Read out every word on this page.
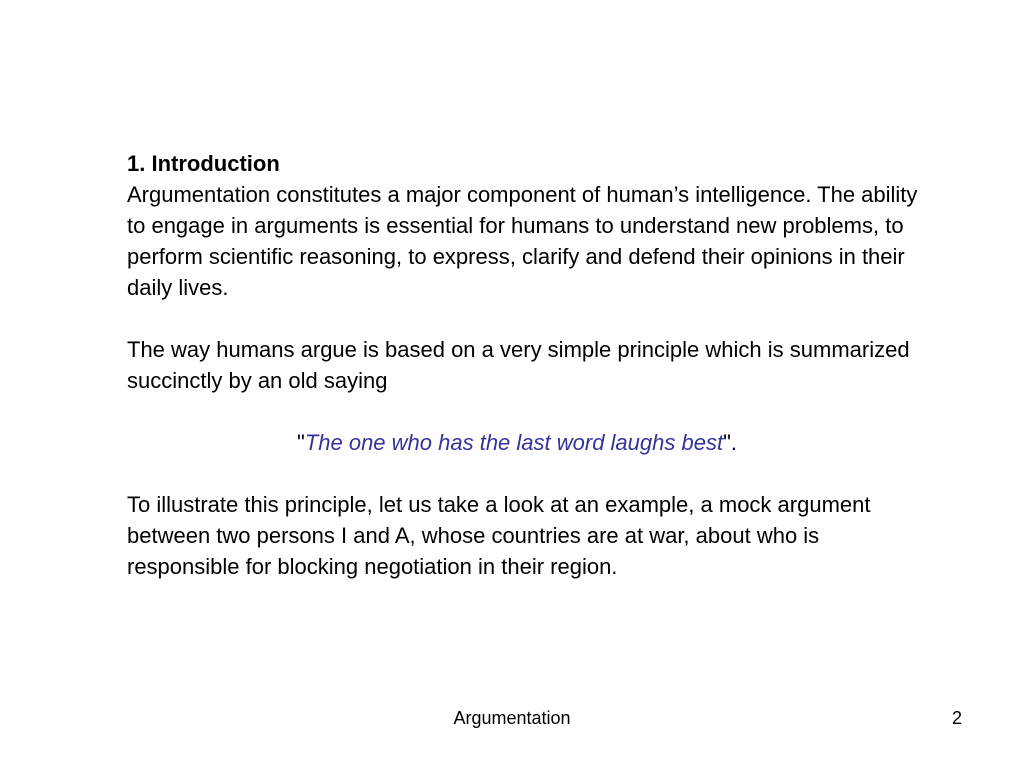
1. Introduction

Argumentation constitutes a major component of human’s intelligence. The ability to engage in arguments is essential for humans to understand new problems, to perform scientific reasoning, to express, clarify and defend their opinions in their daily lives.

The way humans argue is based on a very simple principle which is summarized succinctly by an old saying

"The one who has the last word laughs best".

To illustrate this principle, let us take a look at an example, a mock argument between two persons I and A, whose countries are at war, about who is responsible for blocking negotiation in their region.

Argumentation	2
